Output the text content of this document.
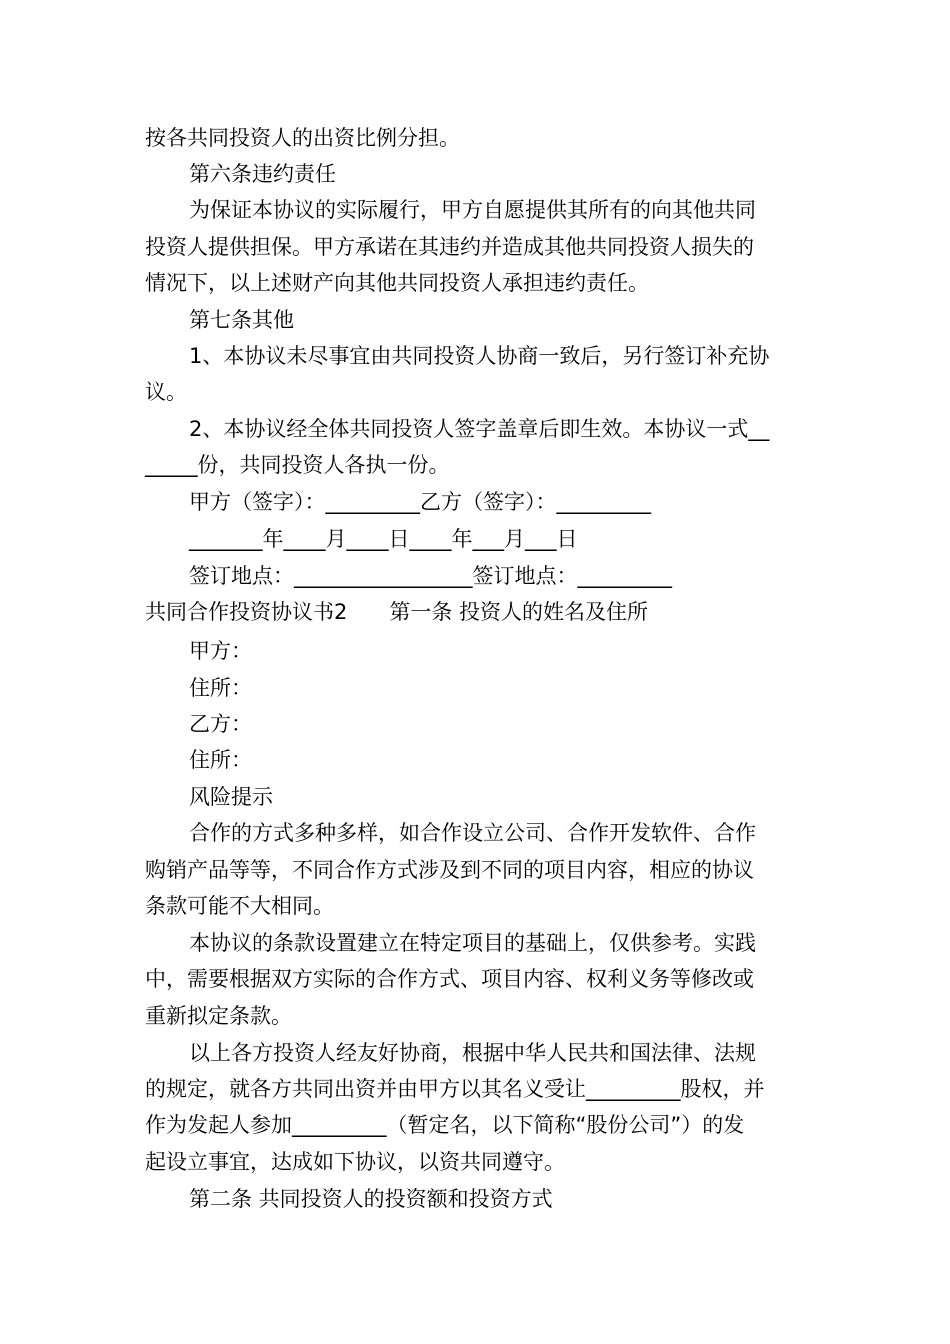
按各共同投资人的出资比例分担。

第六条违约责任

为保证本协议的实际履行，甲方自愿提供其所有的向其他共同

投资人提供担保。甲方承诺在其违约并造成其他共同投资人损失的

情况下，以上述财产向其他共同投资人承担违约责任。

第七条其他

1、本协议未尽事宜由共同投资人协商一致后，另行签订补充协

议。

2、本协议经全体共同投资人签字盖章后即生效。本协议一式__

_____份，共同投资人各执一份。

甲方（签字）：_________乙方（签字）：_________

_______年____月____日____年___月___日

签订地点：_________________签订地点：_________

共同合作投资协议书2　　第一条 投资人的姓名及住所

甲方：

住所：

乙方：

住所：

风险提示

合作的方式多种多样，如合作设立公司、合作开发软件、合作

购销产品等等，不同合作方式涉及到不同的项目内容，相应的协议

条款可能不大相同。

本协议的条款设置建立在特定项目的基础上，仅供参考。实践

中，需要根据双方实际的合作方式、项目内容、权利义务等修改或

重新拟定条款。

以上各方投资人经友好协商，根据中华人民共和国法律、法规

的规定，就各方共同出资并由甲方以其名义受让_________股权，并

作为发起人参加_________（暂定名，以下简称“股份公司”）的发

起设立事宜，达成如下协议，以资共同遵守。

第二条 共同投资人的投资额和投资方式
